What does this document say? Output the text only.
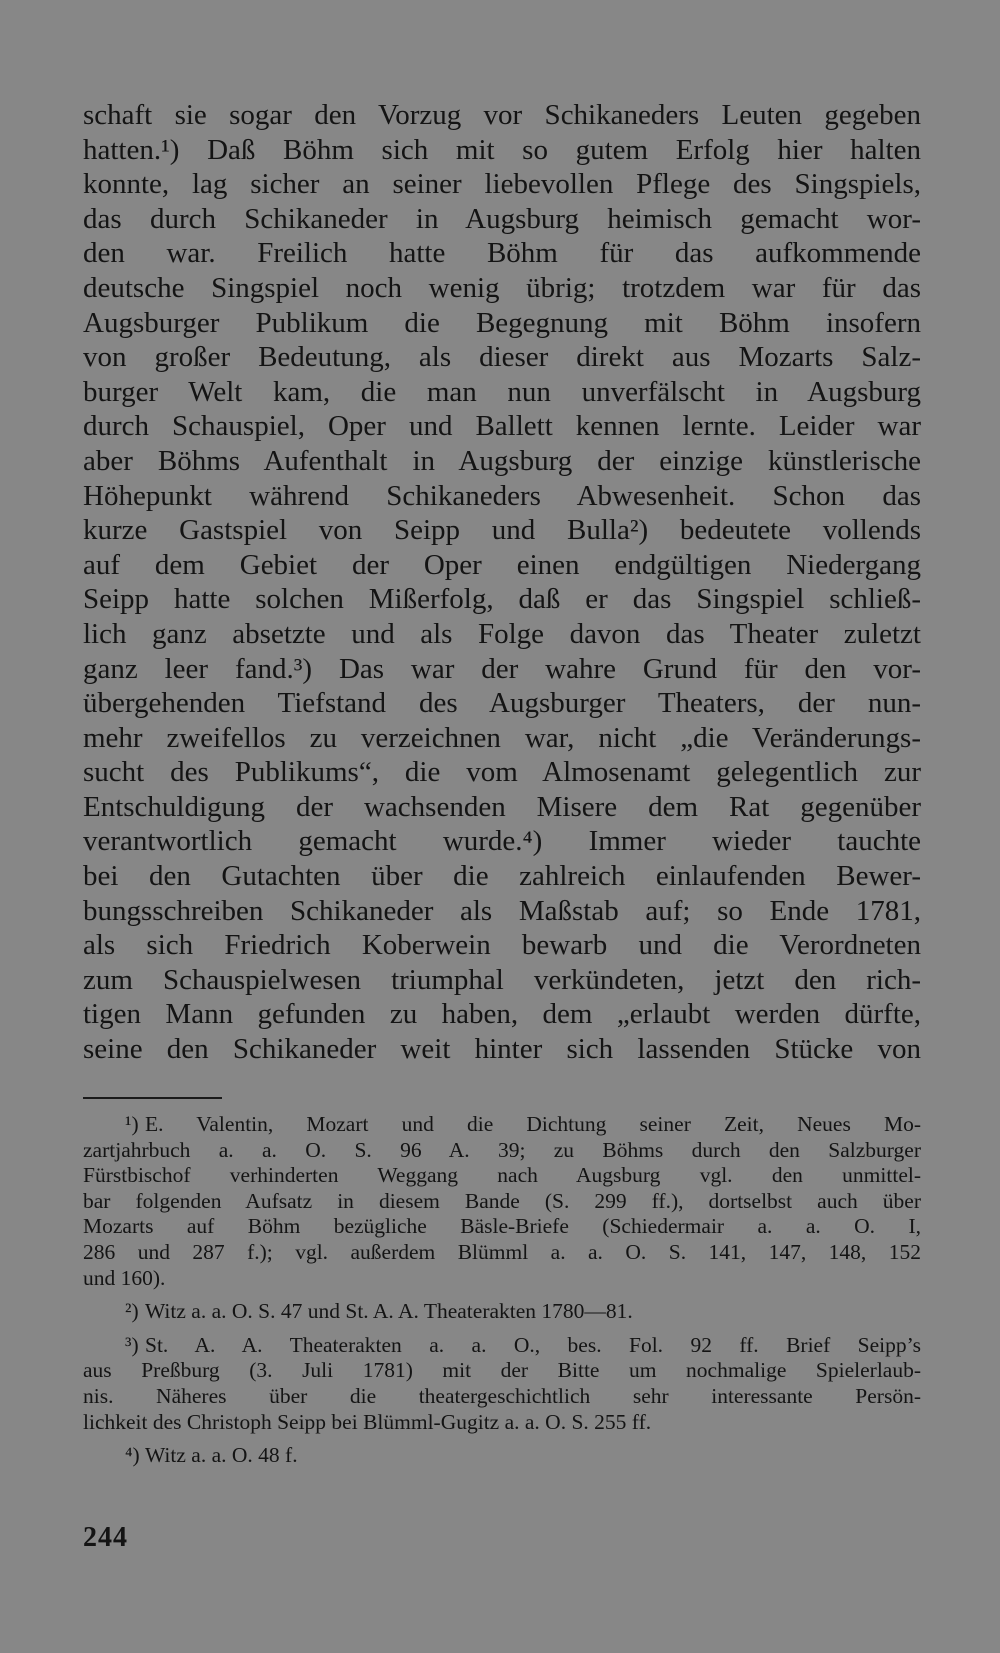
schaft sie sogar den Vorzug vor Schikaneders Leuten gegeben
hatten.¹) Daß Böhm sich mit so gutem Erfolg hier halten
konnte, lag sicher an seiner liebevollen Pflege des Singspiels,
das durch Schikaneder in Augsburg heimisch gemacht wor-
den war. Freilich hatte Böhm für das aufkommende
deutsche Singspiel noch wenig übrig; trotzdem war für das
Augsburger Publikum die Begegnung mit Böhm insofern
von großer Bedeutung, als dieser direkt aus Mozarts Salz-
burger Welt kam, die man nun unverfälscht in Augsburg
durch Schauspiel, Oper und Ballett kennen lernte. Leider war
aber Böhms Aufenthalt in Augsburg der einzige künstlerische
Höhepunkt während Schikaneders Abwesenheit. Schon das
kurze Gastspiel von Seipp und Bulla²) bedeutete vollends
auf dem Gebiet der Oper einen endgültigen Niedergang
Seipp hatte solchen Mißerfolg, daß er das Singspiel schließ-
lich ganz absetzte und als Folge davon das Theater zuletzt
ganz leer fand.³) Das war der wahre Grund für den vor-
übergehenden Tiefstand des Augsburger Theaters, der nun-
mehr zweifellos zu verzeichnen war, nicht „die Veränderungs-
sucht des Publikums“, die vom Almosenamt gelegentlich zur
Entschuldigung der wachsenden Misere dem Rat gegenüber
verantwortlich gemacht wurde.⁴) Immer wieder tauchte
bei den Gutachten über die zahlreich einlaufenden Bewer-
bungsschreiben Schikaneder als Maßstab auf; so Ende 1781,
als sich Friedrich Koberwein bewarb und die Verordneten
zum Schauspielwesen triumphal verkündeten, jetzt den rich-
tigen Mann gefunden zu haben, dem „erlaubt werden dürfte,
seine den Schikaneder weit hinter sich lassenden Stücke von

¹) E. Valentin, Mozart und die Dichtung seiner Zeit, Neues Mo-
zartjahrbuch a. a. O. S. 96 A. 39; zu Böhms durch den Salzburger
Fürstbischof verhinderten Weggang nach Augsburg vgl. den unmittel-
bar folgenden Aufsatz in diesem Bande (S. 299 ff.), dortselbst auch über
Mozarts auf Böhm bezügliche Bäsle-Briefe (Schiedermair a. a. O. I,
286 und 287 f.); vgl. außerdem Blümml a. a. O. S. 141, 147, 148, 152
und 160).
²) Witz a. a. O. S. 47 und St. A. A. Theaterakten 1780—81.
³) St. A. A. Theaterakten a. a. O., bes. Fol. 92 ff. Brief Seipp’s
aus Preßburg (3. Juli 1781) mit der Bitte um nochmalige Spielerlaub-
nis. Näheres über die theatergeschichtlich sehr interessante Persön-
lichkeit des Christoph Seipp bei Blümml-Gugitz a. a. O. S. 255 ff.
⁴) Witz a. a. O. 48 f.
244
